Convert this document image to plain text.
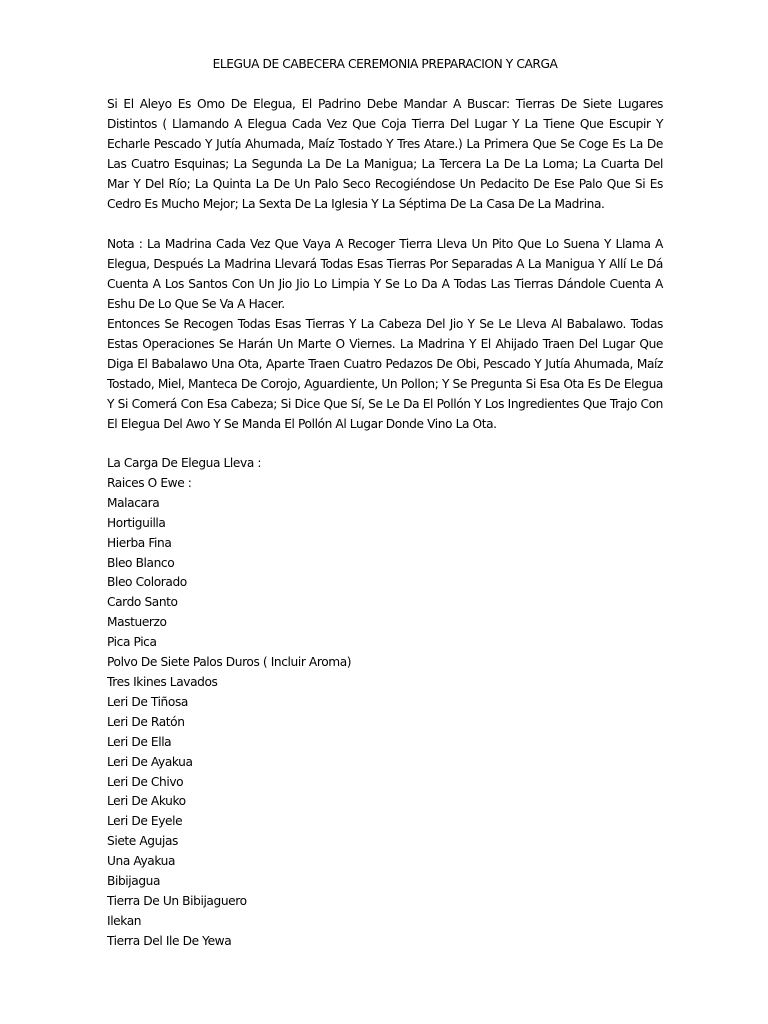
ELEGUA DE CABECERA CEREMONIA PREPARACION Y CARGA

Si El Aleyo Es Omo De Elegua, El Padrino Debe Mandar A Buscar: Tierras De Siete Lugares Distintos ( Llamando A Elegua Cada Vez Que Coja Tierra Del Lugar Y La Tiene Que Escupir Y Echarle Pescado Y Jutía Ahumada, Maíz Tostado Y Tres Atare.) La Primera Que Se Coge Es La De Las Cuatro Esquinas; La Segunda La De La Manigua; La Tercera La De La Loma; La Cuarta Del Mar Y Del Río; La Quinta La De Un Palo Seco Recogiéndose Un Pedacito De Ese Palo Que Si Es Cedro Es Mucho Mejor; La Sexta De La Iglesia Y La Séptima De La Casa De La Madrina.

Nota : La Madrina Cada Vez Que Vaya A Recoger Tierra Lleva Un Pito Que Lo Suena Y Llama A Elegua, Después La Madrina Llevará Todas Esas Tierras Por Separadas A La Manigua Y Allí Le Dá Cuenta A Los Santos Con Un Jio Jio Lo Limpia Y Se Lo Da A Todas Las Tierras Dándole Cuenta A Eshu De Lo Que Se Va A Hacer.

Entonces Se Recogen Todas Esas Tierras Y La Cabeza Del Jio Y Se Le Lleva Al Babalawo. Todas Estas Operaciones Se Harán Un Marte O Viernes. La Madrina Y El Ahijado Traen Del Lugar Que Diga El Babalawo Una Ota, Aparte Traen Cuatro Pedazos De Obi, Pescado Y Jutía Ahumada, Maíz Tostado, Miel, Manteca De Corojo, Aguardiente, Un Pollon; Y Se Pregunta Si Esa Ota Es De Elegua Y Si Comerá Con Esa Cabeza; Si Dice Que Sí, Se Le Da El Pollón Y Los Ingredientes Que Trajo Con El Elegua Del Awo Y Se Manda El Pollón Al Lugar Donde Vino La Ota.

La Carga De Elegua Lleva :

Raices O Ewe :

Malacara

Hortiguilla

Hierba Fina

Bleo Blanco

Bleo Colorado

Cardo Santo

Mastuerzo

Pica Pica

Polvo De Siete Palos Duros ( Incluir Aroma)

Tres Ikines Lavados

Leri De Tiñosa

Leri De Ratón

Leri De Ella

Leri De Ayakua

Leri De Chivo

Leri De Akuko

Leri De Eyele

Siete Agujas

Una Ayakua

Bibijagua

Tierra De Un Bibijaguero

Ilekan

Tierra Del Ile De Yewa
